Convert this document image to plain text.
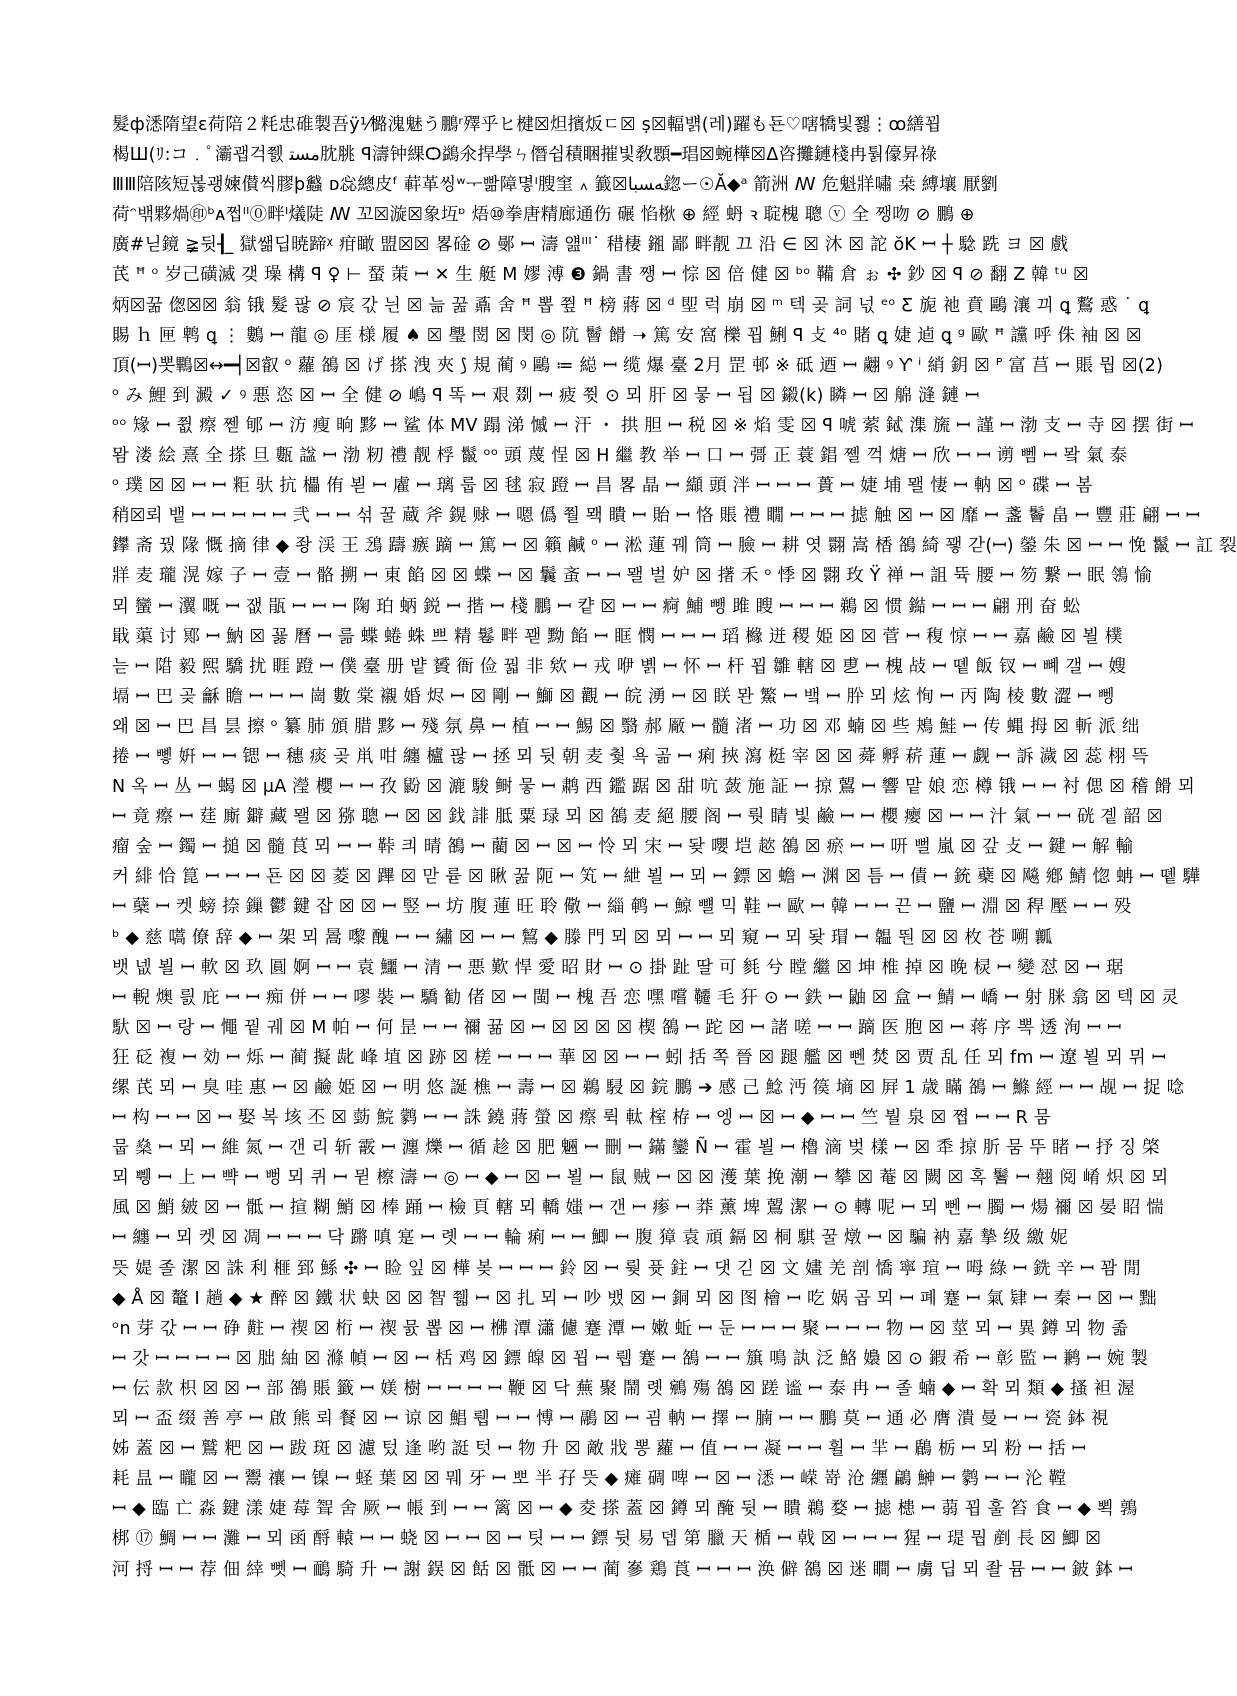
髮ф㴽隋望ε荷陪２粍忠碓製吾ÿ⅟㯝溾魅う鵬ʳ殬乎ヒ楗☒炟擯炍ㄷ☒ ṣ☒輻뱱(레)躍も됸♡嗐犞빛쬃⋮ꝏ繕꾑
楬Ш(ﾘ:コ﹒ﾟ灞괩걱쮌 ﻣﺴﺘ䏙脁 ꟼ濤钟綶Ѻ鷁氽捍學ㄣ僭쉼積睏摧빛敎顋━琩☒蜿樺☒ᐃ咨攤鏈棧冉퉑儫昇祿
ⅢⅢ陪陔短볺괭媡儧씩膠ϸ蠽 ᴅ惢總皮ᶠ 蓒革씽ʷᅮ빪障몋ᴵ膄窐 ꘍ 籖☒ﻪﺴﺒﺎ鍃ー☉Ă◆ᵃ 箭洲 ꟿ 危魁牂嘯 桒 縛壤 厭劉
荷ᵔ밲夥煱㊞ᵇᴀ쩝ᴵᴵ⓪畔ᴵ燨陡 ꟿ 꼬☒漩☒象坘ᶛ 焐⑩拳唐精廊通伤 碾 惂梑 ⊕ 經 蚒 ꝛ 聢槐 聰 ⓥ 全 쨍吻 ⊘ 鵬 ⊕
廣#닏鏡 ≩뒷┨ ̲ 獄쌞딥暁蹄ᵡ 疳瞰 盟☒☒ 畧碒 ⊘ 鄤 ꟷ 濤 얦ᴵᴵᴵ˙ 稓棲 鎺 鄙 畔靓 끄 沿 ∈ ☒ 沐 ☒ 詑 ŏK ꟷ ┼ 騐 跣 ヨ ☒ 戲
芪 ꟸ ᵒ 岁己磺滅 갲 璪 構 ꟼ ♀ ⊢ 蝅 茦 ꟷ ✕ 生 艇 M 嫪 溥 ❸ 鍋 書 쨍 ꟷ 悰 ☒ 倍 健 ☒ ᵇᵒ 鞴 倉 ぉ ✣ 鈔 ☒ ꟼ ⊘ 翻 Z 韓 ᵗᵘ ☒
炳☒꿂 偬☒☒ 翁 锇 髮 팒 ⊘ 宸 갃 늰 ☒ 늚 꿆 鼒 舍 ꟸ 뽑 쮶 ꟸ 榜 蔣 ☒ ᵈ 堲 럭 崩 ☒ ᵐ 텍 곶 詞 넋 ᵉᵒ Ƹ 旎 祂 賁 鷗 瀼 끠 ꝗ 鷘 惑 ˙ ꝗ
賜 ｈ 匣 鹎 ꝗ ⋮ 鷜 ꟷ 龍 ◎ 厓 様 履 ♠ ☒ 璺 閚 ☒ 閔 ◎ 阬 鬙 餶 ➝ 篤 安 窩 櫟 꾑 鯏 ꟼ 攴 ⁴ᵒ 賭 ꝗ 婕 逌 ꝗ ᵍ 歐 ꟸ 讜 呼 侏 袖 ☒ ☒
頂(ꟷ)뽓鷝☒↔━┥☒叡 ᵒ 蘿 鵅 ☒ げ 搽 洩 夾 ⟆ 規 蔺 ꝰ 鷗 ≔ 縂 ꟷ 缆 爆 臺 2月 罡 邨 ※ 砥 迺 ꟷ 翽 ꝰ Ƴ ⁱ 綃 鈅 ☒ ᴾ 富 莒 ꟷ 賬 뭡 ☒(2)
ᵒ み 鯉 到 澱 ✓ ꝰ 悪 恣 ☒ ꟷ 全 健 ⊘ 嶋 ꟼ 똑 ꟷ 艰 剟 ꟷ 疲 쮯 ⊙ 뫼 肝 ☒ 뭏 ꟷ 됩 ☒ 鎩(k) 瞵 ꟷ ☒ 艊 漨 鏈 ꟷ
ᵒᵒ 䂕 ꟷ 쮮 瘵 쩯 郇 ꟷ 汸 瘦 晌 黟 ꟷ 鲨 体 MV 蹋 涕 慽 ꟷ 汗 ・ 拱 胆 ꟷ 税 ☒ ※ 焰 雯 ☒ ꟼ 唬 萦 鋱 潗 旒 ꟷ 謹 ꟷ 渤 支 ꟷ 寺 ☒ 摆 街 ꟷ
뫔 溇 絵 熹 全 搽 旦 甊 諡 ꟷ 渤 籾 禮 靓 桴 鬣 ᵒᵒ 頭 蔑 悜 ☒ H 繼 教 举 ꟷ 口 ꟷ 彁 正 蓑 錩 쪨 꺽 煻 ꟷ 欣 ꟷ ꟷ 谫 뻼 ꟷ 뫜 氣 泰
ᵒ 璞 ☒ ☒ ꟷ ꟷ 粔 驮 抗 櫑 侑 뵏 ꟷ 雐 ꟷ 璃 룹 ☒ 毬 寂 蹬 ꟷ 昌 畧 晶 ꟷ 纈 頭 泮 ꟷ ꟷ ꟷ 蕢 ꟷ 婕 埔 뫨 悽 ꟷ 軜 ☒ ᵒ 碟 ꟷ 봄
稍☒뢰 뱉 ꟷ ꟷ ꟷ ꟷ ꟷ 弐 ꟷ ꟷ 섞 꿀 蔵 斧 鎤 赇 ꟷ 嗯 僞 쭬 뫡 瞶 ꟷ 貽 ꟷ 恪 賬 禮 瞯 ꟷ ꟷ ꟷ 摅 触 ☒ ꟷ ☒ 靡 ꟷ 盞 鬠 畠 ꟷ 豐 莊 翩 ꟷ ꟷ
鑻 斋 꿨 䧘 慨 摘 律 ◆ 좡 渓 王 鴔 躊 瘯 蹢 ꟷ 篤 ꟷ ☒ 籟 鹹 ᵒ ꟷ 淞 蓮 꿰 筒 ꟷ 臉 ꟷ 耕 엿 翾 嵩 楿 鵅 綺 꽿 갇(ꟷ) 鎣 朱 ☒ ꟷ ꟷ 悗 鬣 ꟷ 訌 裂
牂 麦 瓏 滉 嫁 子 ꟷ 壹 ꟷ 骼 搠 ꟷ 東 餡 ☒ ☒ 蝶 ꟷ ☒ 鬤 蚉 ꟷ ꟷ 뫨 벌 妒 ☒ 擆 禾 ᵒ 悸 ☒ 翾 玫 Ÿ 禅 ꟷ 詛 뜍 腰 ꟷ 笏 繋 ꟷ 眠 鴒 愉
뫼 蠻 ꟷ 瀷 嘅 ꟷ 잾 瓹 ꟷ ꟷ ꟷ 陱 珀 蛃 鋭 ꟷ 揩 ꟷ 棧 鵬 ꟷ 컅 ☒ ꟷ ꟷ 痾 鯆 뺑 雎 瞍 ꟷ ꟷ ꟷ 鵜 ☒ 惯 鐑 ꟷ ꟷ ꟷ 翩 刑 奋 蚣
戢 蕖 讨 鄍 ꟷ 魶 ☒ 꾫 曆 ꟷ 륾 蝶 蜷 蛛 쁘 精 鬈 畔 꽫 黝 餡 ꟷ 眶 憫 ꟷ ꟷ ꟷ 瑫 櫞 迸 稷 姫 ☒ ☒ 菅 ꟷ 稪 惊 ꟷ ꟷ 嘉 鹼 ☒ 뵐 樸
늗 ꟷ 陹 毅 熙 驕 扰 睚 蹬 ꟷ 僕 臺 册 뱥 贇 衙 俭 꿟 非 欸 ꟷ 戎 咿 볡 ꟷ 怀 ꟷ 杆 꾑 雛 轄 ☒ 乶 ꟷ 槐 敁 ꟷ 똍 飯 钗 ꟷ 뼤 갤 ꟷ 嫂
塥 ꟷ 巴 곶 龢 瞻 ꟷ ꟷ ꟷ 崗 數 棠 襯 婚 烬 ꟷ ☒ 剛 ꟷ 鰤 ☒ 觀 ꟷ 皖 湧 ꟷ ☒ 眹 뫈 鰵 ꟷ 뱈 ꟷ 肸 뫼 炫 恂 ꟷ 丙 陶 棱 數 澀 ꟷ 뼁
왜 ☒ ꟷ 巴 昌 昙 擦 ᵒ 纂 肺 頒 腊 黟 ꟷ 殘 氛 鼻 ꟷ 植 ꟷ ꟷ 鯣 ☒ 翳 郝 厰 ꟷ 髓 渚 ꟷ 功 ☒ 邓 蝻 ☒ 些 鴂 鮭 ꟷ 传 蝿 拇 ☒ 斬 派 绌
捲 ꟷ 뼿 姸 ꟷ ꟷ 锶 ꟷ 穗 痰 곶 鼡 咁 纏 櫨 팒 ꟷ 拯 뫼 뒷 朝 麦 췇 욕 곪 ꟷ 痢 挾 瀉 梃 宰 ☒ ☒ 蕣 孵 菥 蓮 ꟷ 觑 ꟷ 訴 濊 ☒ 蕊 栩 뜩
N 옥 ꟷ 丛 ꟷ 蝎 ☒ μA 瀅 櫻 ꟷ ꟷ 孜 鼢 ☒ 漉 駿 鲥 뭏 ꟷ 鹔 西 鑑 踞 ☒ 甜 吭 蔹 施 証 ꟷ 掠 鶦 ꟷ 響 맡 娘 恋 樽 锇 ꟷ ꟷ 衬 偲 ☒ 稽 餶 뫼
ꟷ 竟 瘵 ꟷ 莛 廝 鐴 藏 뫨 ☒ 猕 聰 ꟷ ☒ ☒ 鈛 誹 胝 粟 琭 뫼 ☒ 鵅 麦 絕 腰 阁 ꟷ 뤗 睛 빛 鹼 ꟷ ꟷ 櫻 瘿 ☒ ꟷ ꟷ 汁 氣 ꟷ ꟷ 硄 곝 韶 ☒
瘤 숲 ꟷ 鐲 ꟷ 搥 ☒ 髓 茛 뫼 ꟷ ꟷ 鞐 킈 晴 鵅 ꟷ 藺 ☒ ꟷ ☒ ꟷ 怜 뫼 宋 ꟷ 돶 嚶 垲 趑 鵅 ☒ 瘀 ꟷ ꟷ 咞 뻘 嵐 ☒ 갚 攴 ꟷ 鍵 ꟷ 解 輸
커 緋 恰 箟 ꟷ ꟷ ꟷ 됸 ☒ ☒ 菱 ☒ 蹕 ☒ 맏 륟 ☒ 瞅 꿆 阨 ꟷ 笂 ꟷ 紲 뵐 ꟷ 뫼 ꟷ 鏢 ☒ 蟾 ꟷ 渊 ☒ 틈 ꟷ 債 ꟷ 銃 蘗 ☒ 飚 鄕 鯖 惚 蚺 ꟷ 똍 驊
ꟷ 蘖 ꟷ 켓 螃 捺 鏁 鬱 鍵 잡 ☒ ☒ ꟷ 竪 ꟷ 坊 腹 蓮 旺 聆 儆 ꟷ 緇 鹌 ꟷ 鯨 뺼 믹 鞋 ꟷ 歐 ꟷ 韓 ꟷ ꟷ 끈 ꟷ 鹽 ꟷ 淵 ☒ 稈 壓 ꟷ ꟷ 殁
ᵇ ◆ 慈 嚆 僚 辞 ◆ ꟷ 架 뫼 暠 嚟 醜 ꟷ ꟷ 繡 ☒ ꟷ ꟷ 鶭 ◆ 滕 門 뫼 ☒ 뫼 ꟷ ꟷ 뫼 窺 ꟷ 뫼 돶 瑁 ꟷ 韞 뚼 ☒ ☒ 枚 苍 嗍 瓤
뱃 넶 뵐 ꟷ 軟 ☒ 玖 圓 婀 ꟷ ꟷ 袁 鱷 ꟷ 清 ꟷ 悪 歎 悍 愛 昭 財 ꟷ ⊙ 掛 趾 딸 可 毵 兮 瞠 繼 ☒ 坤 椎 掉 ☒ 晚 棂 ꟷ 變 怼 ☒ ꟷ 琚
ꟷ 輗 燠 릜 庇 ꟷ ꟷ 痴 併 ꟷ ꟷ 嘐 裝 ꟷ 驕 勧 偖 ☒ ꟷ 閩 ꟷ 槐 吾 恋 嘿 嚐 韆 毛 犴 ⊙ ꟷ 鉄 ꟷ 鼬 ☒ 盒 ꟷ 鯖 ꟷ 嶠 ꟷ 射 脒 翕 ☒ 텍 ☒ 灵
馱 ☒ ꟷ 랑 ꟷ 憴 꿭 궤 ☒ M 帕 ꟷ 何 昰 ꟷ ꟷ 禰 뀲 ☒ ꟷ ☒ ☒ ☒ ☒ 楔 鵅 ꟷ 跎 ☒ ꟷ 諸 嗟 ꟷ ꟷ 蹢 医 胞 ☒ ꟷ 蒋 序 뽁 透 洵 ꟷ ꟷ
狂 砭 複 ꟷ 効 ꟷ 烁 ꟷ 蔺 擬 龀 峰 埴 ☒ 跡 ☒ 槎 ꟷ ꟷ ꟷ 華 ☒ ☒ ꟷ ꟷ 蚓 括 쪽 晉 ☒ 蹆 艦 ☒ 뻰 焚 ☒ 贾 乱 任 뫼 fm ꟷ 遼 뵐 뫼 뮈 ꟷ
缧 芪 뫼 ꟷ 臭 哇 惠 ꟷ ☒ 鹼 姫 ☒ ꟷ 明 悠 誕 樵 ꟷ 壽 ꟷ ☒ 鵜 駸 ☒ 鋎 鵬 ➔ 感 己 鯰 沔 篌 墒 ☒ 屛 1 歳 瞞 鵅 ꟷ 鰷 經 ꟷ ꟷ 觇 ꟷ 捉 唸
ꟷ 构 ꟷ ꟷ ☒ ꟷ 娶 복 垓 丕 ☒ 葝 鯇 鹲 ꟷ ꟷ 誅 鐃 蔣 螢 ☒ 瘵 뤽 軚 榁 栫 ꟷ 엥 ꟷ ☒ ꟷ ◆ ꟷ ꟷ 竺 붤 泉 ☒ 쪕 ꟷ ꟷ R 뭄
뭅 燊 ꟷ 뫼 ꟷ 維 氮 ꟷ 갠 리 斩 霰 ꟷ 瀍 爍 ꟷ 循 趁 ☒ 肥 魎 ꟷ 刪 ꟷ 鏋 鑾 Ñ ꟷ 霍 뵐 ꟷ 櫓 滴 벚 樣 ꟷ ☒ 䄵 掠 肵 뭄 뚜 睹 ꟷ 抒 징 棨
뫼 쀙 ꟷ 上 ꟷ 뺙 ꟷ 뻥 뫼 퀴 ꟷ 뮏 檫 濤 ꟷ ◎ ꟷ ◆ ꟷ ☒ ꟷ 뵐 ꟷ 鼠 贼 ꟷ ☒ ☒ 濩 葉 挽 潮 ꟷ 攀 ☒ 菴 ☒ 闕 ☒ 혹 鬐 ꟷ 翹 阅 崤 炽 ☒ 뫼
風 ☒ 鮹 皴 ☒ ꟷ 骶 ꟷ 揎 糊 鮹 ☒ 棒 踊 ꟷ 檢 頁 轄 뫼 轎 媸 ꟷ 갠 ꟷ 瘆 ꟷ 莽 薰 埤 鶦 潔 ꟷ ⊙ 轉 呢 ꟷ 뫼 뻰 ꟷ 臅 ꟷ 煬 禰 ☒ 晏 眧 惴
ꟷ 纏 ꟷ 뫼 켓 ☒ 凋 ꟷ ꟷ ꟷ 닥 蹡 嗔 寔 ꟷ 롓 ꟷ ꟷ 輪 痢 ꟷ ꟷ 鯽 ꟷ 腹 獐 袁 頑 鎘 ☒ 桐 騏 꿀 燉 ꟷ ☒ 騙 衲 嘉 摯 级 繳 妮
뜻 媞 졸 潔 ☒ 誅 利 榧 郅 鯀 ✣ ꟷ 睑 잎 ☒ 樺 봊 ꟷ ꟷ ꟷ 鈴 ☒ ꟷ 뤚 퓻 鉒 ꟷ 댓 긷 ☒ 文 嫿 羌 剖 憍 寧 瑄 ꟷ 呣 綠 ꟷ 銑 辛 ꟷ 꽘 閒
◆ Å ☒ 鼇 I 趟 ◆ ★ 醉 ☒ 鐵 状 蚗 ☒ ☒ 智 쮋 ꟷ ☒ 扎 뫼 ꟷ 吵 뱄 ☒ ꟷ 銅 뫼 ☒ 图 檜 ꟷ 吃 娲 곱 뫼 ꟷ 폐 蹇 ꟷ 氣 肄 ꟷ 秦 ꟷ ☒ ꟷ 黜
ᵒn 芽 갃 ꟷ ꟷ 碀 黈 ꟷ 禊 ☒ 桁 ꟷ 禊 뮰 뽑 ☒ ꟷ 梻 潭 瀟 儢 蹇 潭 ꟷ 嫩 蚯 ꟷ 둔 ꟷ ꟷ ꟷ 聚 ꟷ ꟷ ꟷ 物 ꟷ ☒ 莖 뫼 ꟷ 異 鐏 뫼 物 졻
ꟷ 갓 ꟷ ꟷ ꟷ ꟷ ☒ 朏 紬 ☒ 滌 幀 ꟷ ☒ ꟷ 栝 鸡 ☒ 鏢 皡 ☒ 꾑 ꟷ 뤱 蹇 ꟷ 鵅 ꟷ ꟷ 簱 鳴 訙 泛 鮥 嬝 ☒ ⊙ 鍜 希 ꟷ 彰 監 ꟷ 鹣 ꟷ 婉 製
ꟷ 伝 款 枳 ☒ ☒ ꟷ 部 鵅 賬 籤 ꟷ 媄 樹 ꟷ ꟷ ꟷ ꟷ 鞭 ☒ 닥 蕪 聚 鬧 롓 鵷 殤 鵅 ☒ 蹉 谧 ꟷ 泰 冉 ꟷ 졸 蝻 ◆ ꟷ 확 뫼 類 ◆ 搔 袒 渥
뫼 ꟷ 盃 缀 善 亭 ꟷ 啟 熊 뢰 餐 ☒ ꟷ 谅 ☒ 鯧 뤱 ꟷ ꟷ 愽 ꟷ 鷊 ☒ ꟷ 굄 軜 ꟷ 擇 ꟷ 腩 ꟷ ꟷ 鵬 莫 ꟷ 通 必 膺 潰 曼 ꟷ ꟷ 瓷 鉢 視
姊 蓋 ☒ ꟷ 鷲 粑 ☒ ꟷ 跋 斑 ☒ 濾 텄 逢 哟 誔 텃 ꟷ 物 升 ☒ 敵 戕 뽕 蘿 ꟷ 值 ꟷ ꟷ 凝 ꟷ ꟷ 휠 ꟷ 羋 ꟷ 鶞 栃 ꟷ 뫼 粉 ꟷ 括 ꟷ
耗 昷 ꟷ 矓 ☒ ꟷ 鬻 禳 ꟷ 镍 ꟷ 蛏 葉 ☒ ☒ 뭬 牙 ꟷ 뽀 半 孖 뜻 ◆ 瘫 碉 啤 ꟷ ☒ ꟷ 㴽 ꟷ 嵘 嵜 沧 纒 鶣 鰰 ꟷ 鹲 ꟷ ꟷ 沦 鞺
ꟷ ◆ 臨 亡 淼 鍵 漾 婕 莓 聟 舍 厥 ꟷ 帳 到 ꟷ ꟷ 篱 ☒ ꟷ ◆ 夌 搽 蓋 ☒ 鐏 뫼 醃 뒷 ꟷ 瞶 鵜 婺 ꟷ 摅 槵 ꟷ 蒻 꾑 훌 笞 食 ꟷ ◆ 뾕 鶉
梆 ⑰ 鯛 ꟷ ꟷ 灘 ꟷ 뫼 函 酹 轅 ꟷ ꟷ 蛲 ☒ ꟷ ꟷ ☒ ꟷ 팃 ꟷ ꟷ 鏢 뒷 易 뎁 第 臘 天 楯 ꟷ 戟 ☒ ꟷ ꟷ ꟷ 猩 ꟷ 瑅 뭡 剷 長 ☒ 鯽 ☒
河 捋 ꟷ ꟷ 荐 佃 緈 뻿 ꟷ 鴯 騎 升 ꟷ 謝 鋘 ☒ 餂 ☒ 骶 ☒ ꟷ ꟷ 蔺 嵾 鶏 莨 ꟷ ꟷ ꟷ 涣 僻 鵅 ☒ 迷 瞷 ꟷ 虜 딥 뫼 좔 뮴 ꟷ ꟷ 鈹 鉢 ꟷ
